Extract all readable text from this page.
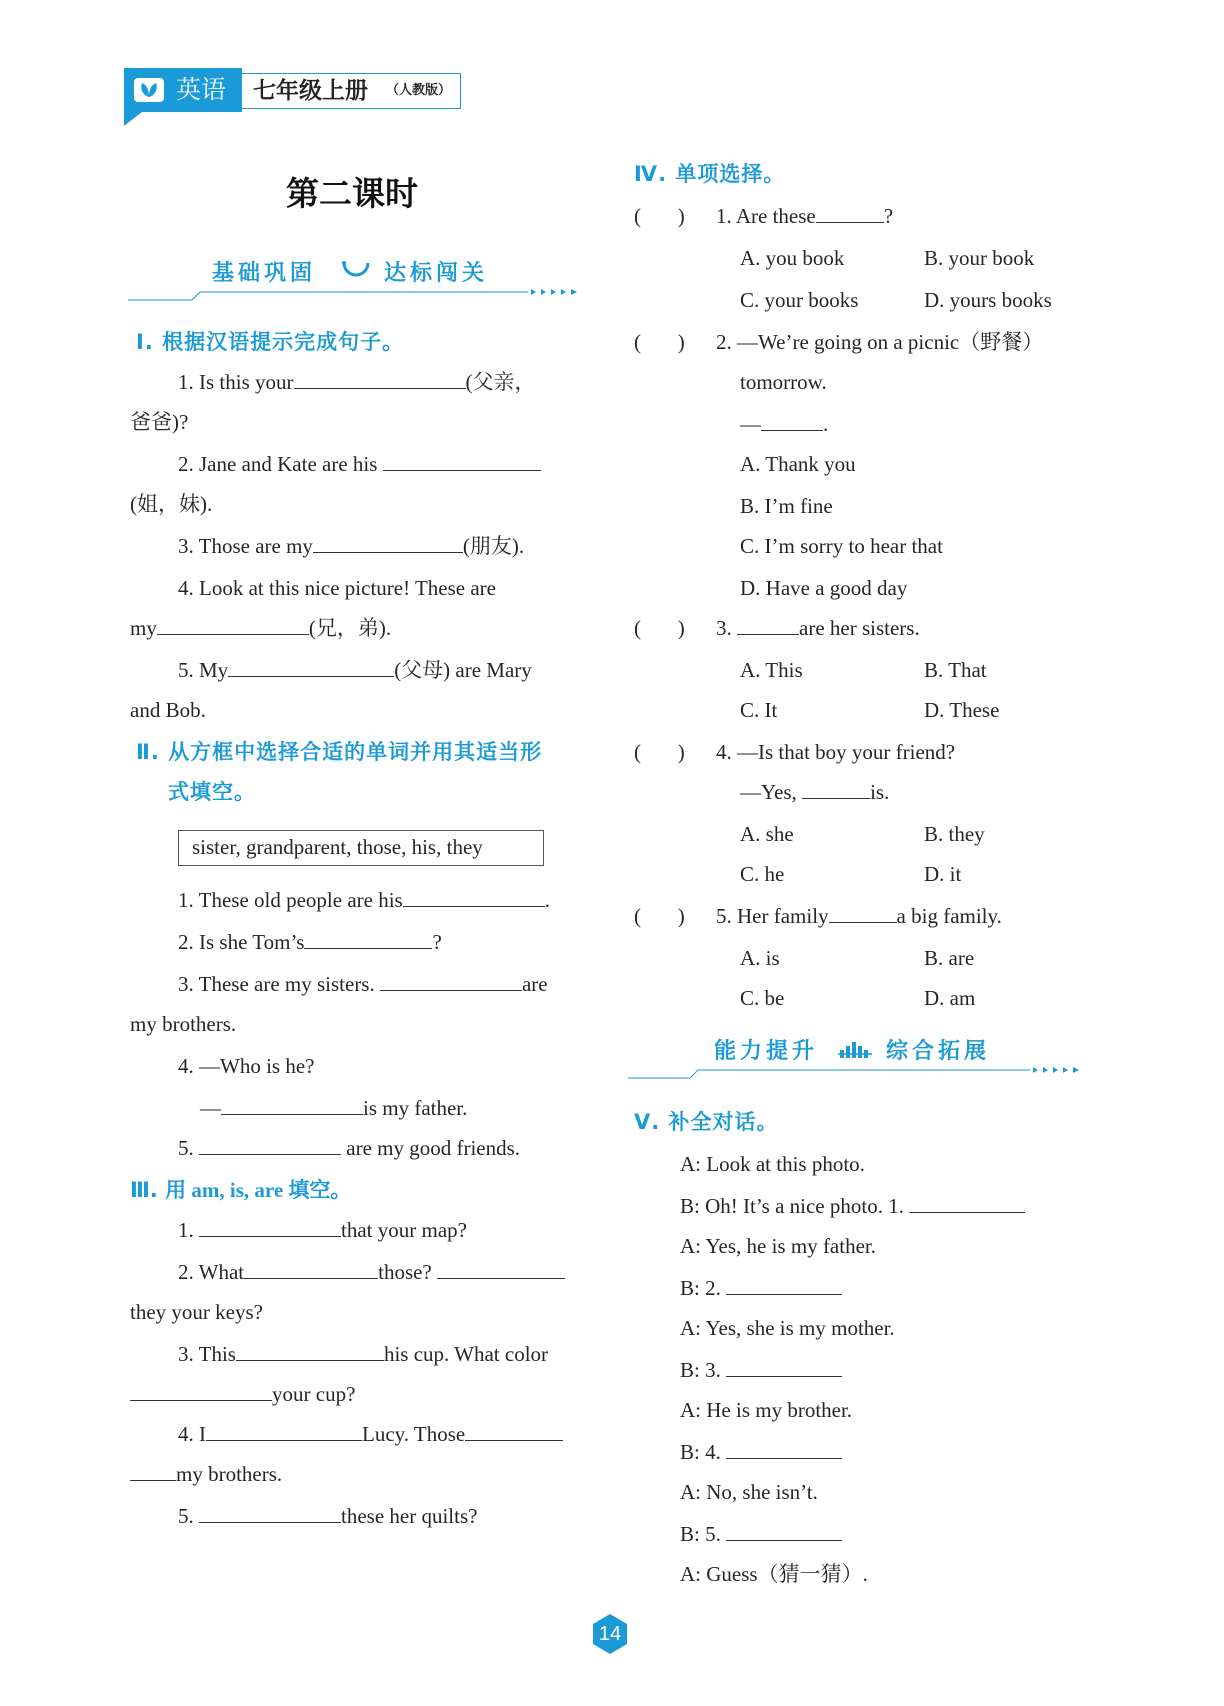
英语 七年级上册 （人教版）
第二课时
基础巩固	达标闯关
Ⅰ. 根据汉语提示完成句子。
1. Is this your	(父亲，
爸爸)?
2. Jane and Kate are his
(姐，妹).
3. Those are my	(朋友).
4. Look at this nice picture! These are
my	(兄，弟).
5. My	(父母) are Mary
and Bob.
Ⅱ. 从方框中选择合适的单词并用其适当形
式填空。
sister, grandparent, those, his, they
1. These old people are his	.
2. Is she Tom’s	?
3. These are my sisters.	are
my brothers.
4. —Who is he?
—	is my father.
5.	are my good friends.
Ⅲ. 用 am, is, are 填空。
1.	that your map?
2. What	those?
they your keys?
3. This	his cup. What color
your cup?
4. I	Lucy. Those
my brothers.
5.	these her quilts?
Ⅳ. 单项选择。
(       ) 1. Are these	?
A. you book	B. your book
C. your books	D. yours books
(       ) 2. —We’re going on a picnic（野餐）
tomorrow.
—	.
A. Thank you
B. I’m fine
C. I’m sorry to hear that
D. Have a good day
(       ) 3.	are her sisters.
A. This	B. That
C. It	D. These
(       ) 4. —Is that boy your friend?
—Yes,	is.
A. she	B. they
C. he	D. it
(       ) 5. Her family	a big family.
A. is	B. are
C. be	D. am
能力提升	综合拓展
Ⅴ. 补全对话。
A: Look at this photo.
B: Oh! It’s a nice photo. 1.
A: Yes, he is my father.
B: 2.
A: Yes, she is my mother.
B: 3.
A: He is my brother.
B: 4.
A: No, she isn’t.
B: 5.
A: Guess（猜一猜）.
14
